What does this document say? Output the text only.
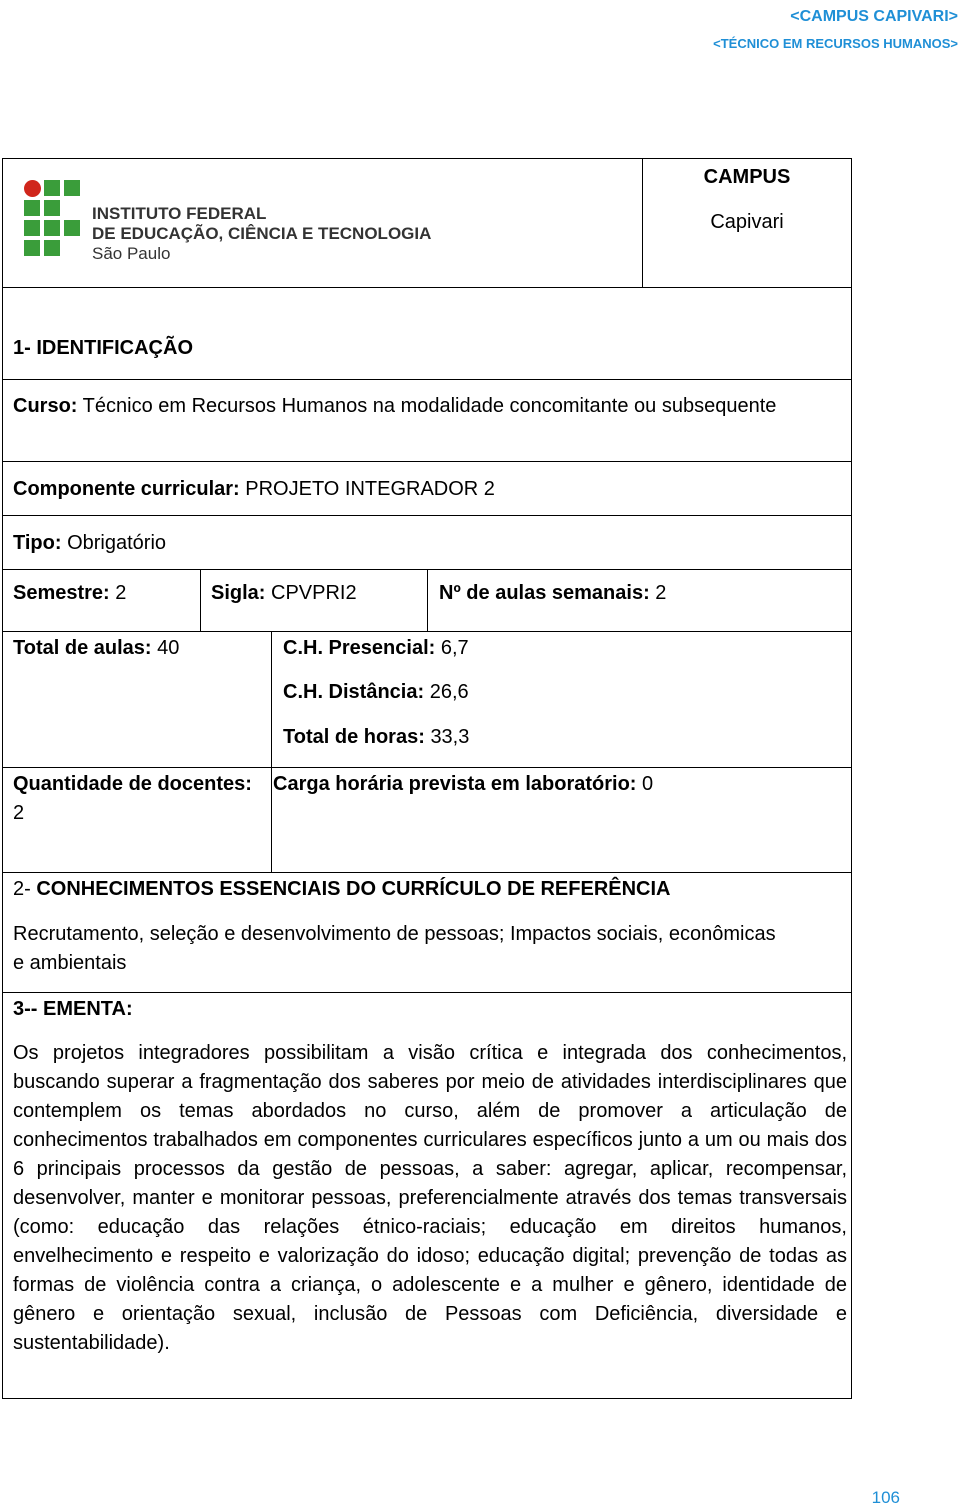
<CAMPUS CAPIVARI>
<TÉCNICO EM RECURSOS HUMANOS>
CAMPUS
Capivari
INSTITUTO FEDERAL
DE EDUCAÇÃO, CIÊNCIA E TECNOLOGIA
São Paulo
1- IDENTIFICAÇÃO
Curso: Técnico em Recursos Humanos na modalidade concomitante ou subsequente
Componente curricular: PROJETO INTEGRADOR 2
Tipo: Obrigatório
Semestre: 2	Sigla: CPVPRI2	Nº de aulas semanais: 2
Total de aulas: 40	C.H. Presencial: 6,7
C.H. Distância: 26,6
Total de horas: 33,3
Quantidade de docentes: 2
Carga horária prevista em laboratório: 0
2- CONHECIMENTOS ESSENCIAIS DO CURRÍCULO DE REFERÊNCIA
Recrutamento, seleção e desenvolvimento de pessoas; Impactos sociais, econômicas e ambientais
3-- EMENTA:
Os projetos integradores possibilitam a visão crítica e integrada dos conhecimentos, buscando superar a fragmentação dos saberes por meio de atividades interdisciplinares que contemplem os temas abordados no curso, além de promover a articulação de conhecimentos trabalhados em componentes curriculares específicos junto a um ou mais dos 6 principais processos da gestão de pessoas, a saber: agregar, aplicar, recompensar, desenvolver, manter e monitorar pessoas, preferencialmente através dos temas transversais (como: educação das relações étnico-raciais; educação em direitos humanos, envelhecimento e respeito e valorização do idoso; educação digital; prevenção de todas as formas de violência contra a criança, o adolescente e a mulher e gênero, identidade de gênero e orientação sexual, inclusão de Pessoas com Deficiência, diversidade e sustentabilidade).
106
